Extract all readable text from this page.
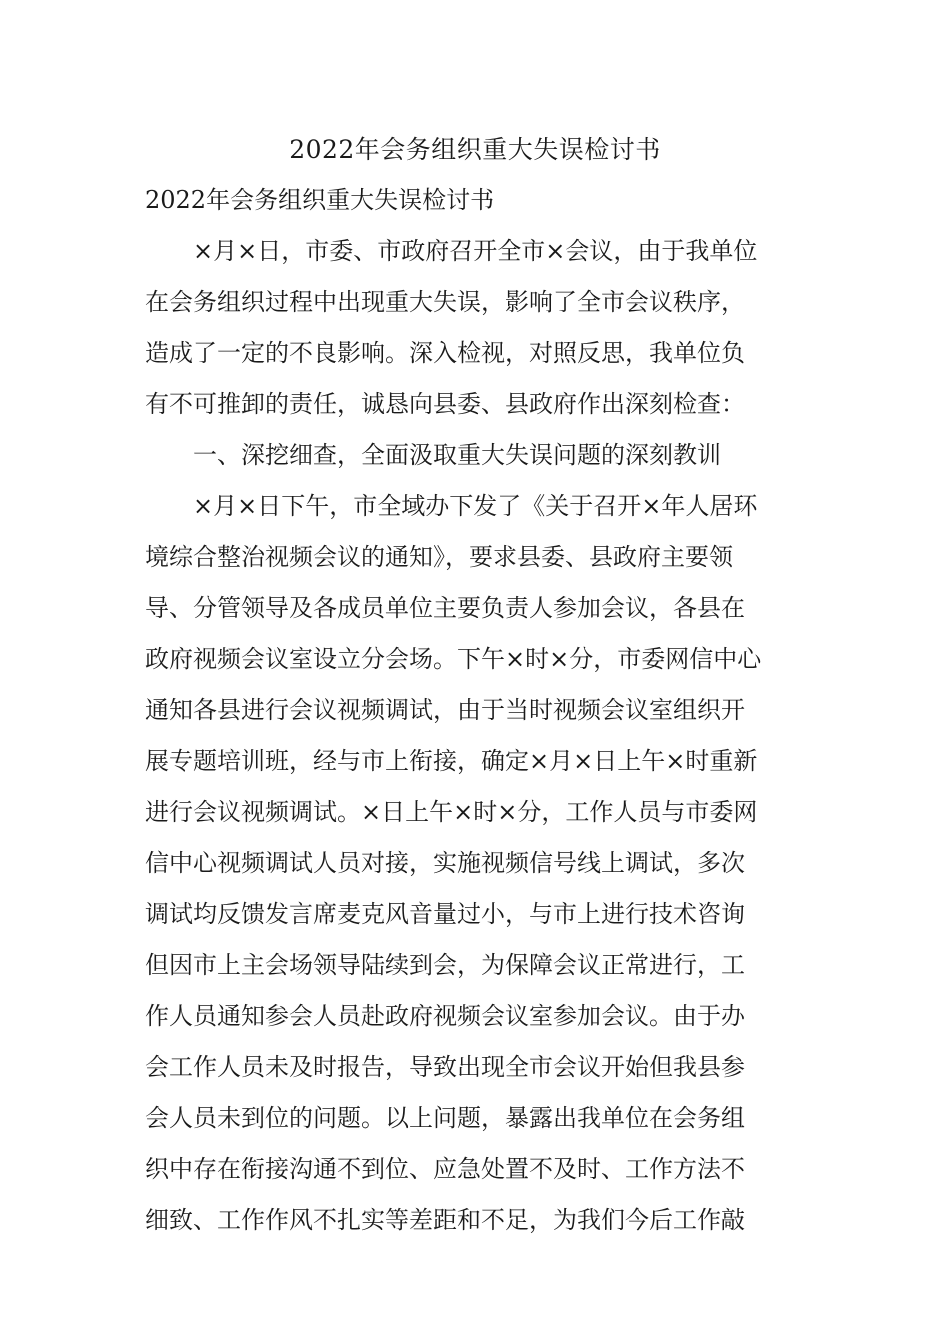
2022年会务组织重大失误检讨书
2022年会务组织重大失误检讨书
×月×日，市委、市政府召开全市×会议，由于我单位
在会务组织过程中出现重大失误，影响了全市会议秩序，
造成了一定的不良影响。深入检视，对照反思，我单位负
有不可推卸的责任，诚恳向县委、县政府作出深刻检查：
一、深挖细查，全面汲取重大失误问题的深刻教训
×月×日下午，市全域办下发了《关于召开×年人居环
境综合整治视频会议的通知》，要求县委、县政府主要领
导、分管领导及各成员单位主要负责人参加会议，各县在
政府视频会议室设立分会场。下午×时×分，市委网信中心
通知各县进行会议视频调试，由于当时视频会议室组织开
展专题培训班，经与市上衔接，确定×月×日上午×时重新
进行会议视频调试。×日上午×时×分，工作人员与市委网
信中心视频调试人员对接，实施视频信号线上调试，多次
调试均反馈发言席麦克风音量过小，与市上进行技术咨询
但因市上主会场领导陆续到会，为保障会议正常进行，工
作人员通知参会人员赴政府视频会议室参加会议。由于办
会工作人员未及时报告，导致出现全市会议开始但我县参
会人员未到位的问题。以上问题，暴露出我单位在会务组
织中存在衔接沟通不到位、应急处置不及时、工作方法不
细致、工作作风不扎实等差距和不足，为我们今后工作敲
